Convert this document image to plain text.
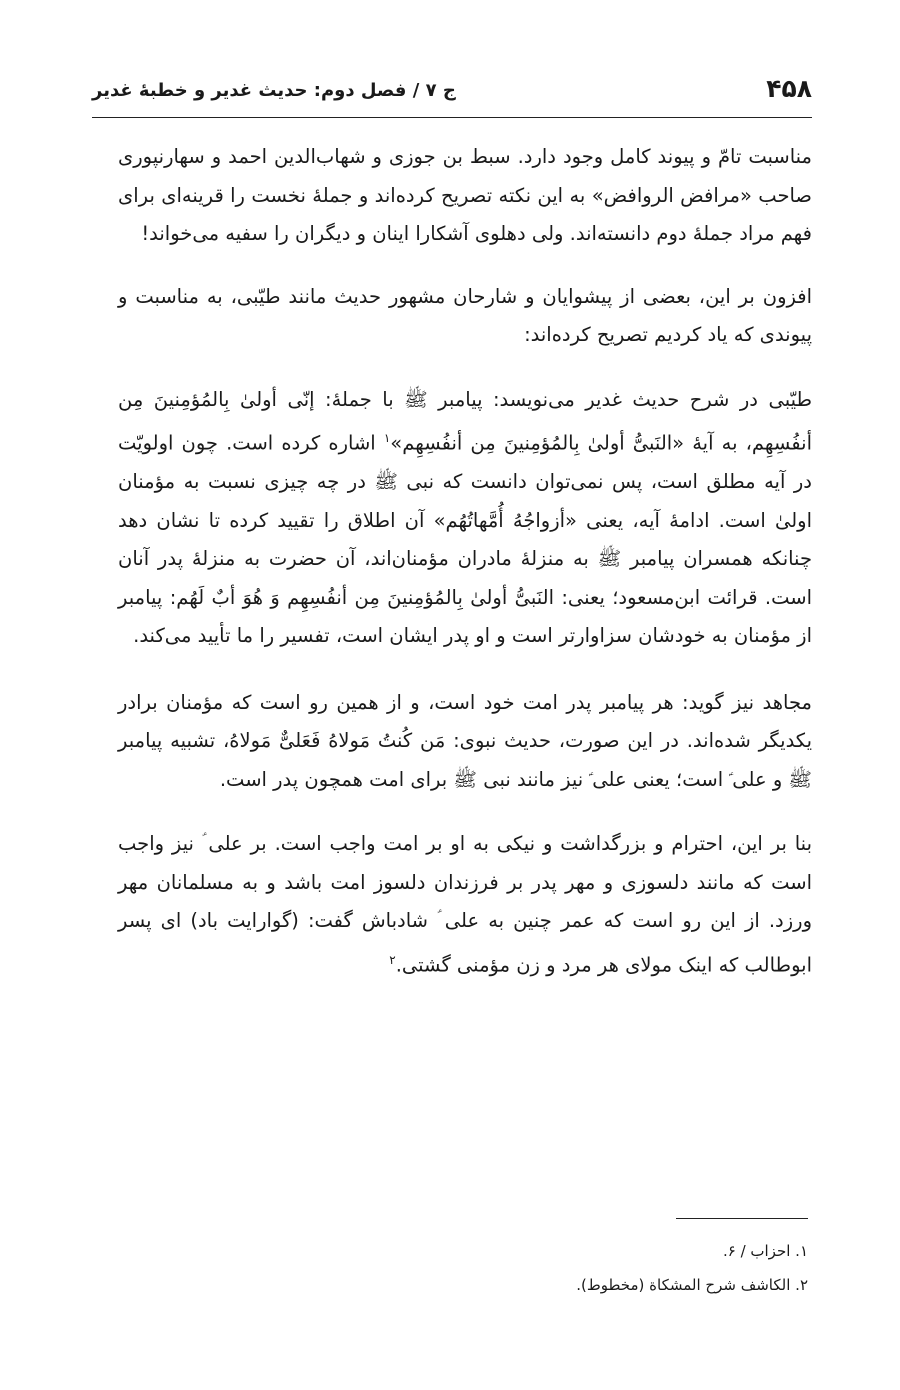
۴۵۸
ج ۷ / فصل دوم: حدیث غدیر و خطبهٔ غدیر

مناسبت تامّ و پیوند کامل وجود دارد. سبط بن جوزی و شهاب‌الدین احمد و سهارنپوری صاحب «مرافض الروافض» به این نکته تصریح کرده‌اند و جملهٔ نخست را قرینه‌ای برای فهم مراد جملهٔ دوم دانسته‌اند. ولی دهلوی آشکارا اینان و دیگران را سفیه می‌خواند!

افزون بر این، بعضی از پیشوایان و شارحان مشهور حدیث مانند طیّبی، به مناسبت و پیوندی که یاد کردیم تصریح کرده‌اند:

طیّبی در شرح حدیث غدیر می‌نویسد: پیامبر ﷺ با جملهٔ: إنّی أولیٰ بِالمُؤمِنینَ مِن أنفُسِهِم، به آیهٔ «النَبیُّ أولیٰ بِالمُؤمِنینَ مِن أنفُسِهِم»$^۱$ اشاره کرده است. چون اولویّت در آیه مطلق است، پس نمی‌توان دانست که نبی ﷺ در چه چیزی نسبت به مؤمنان اولیٰ است. ادامهٔ آیه، یعنی «أزواجُهُ أُمَّهاتُهُم» آن اطلاق را تقیید کرده تا نشان دهد چنانکه همسران پیامبر ﷺ به منزلهٔ مادران مؤمنان‌اند، آن حضرت به منزلهٔ پدر آنان است. قرائت ابن‌مسعود؛ یعنی: النَبیُّ أولیٰ بِالمُؤمِنینَ مِن أنفُسِهِم وَ هُوَ أبٌ لَهُم: پیامبر از مؤمنان به خودشان سزاوارتر است و او پدر ایشان است، تفسیر را ما تأیید می‌کند.

مجاهد نیز گوید: هر پیامبر پدر امت خود است، و از همین رو است که مؤمنان برادر یکدیگر شده‌اند. در این صورت، حدیث نبوی: مَن کُنتُ مَولاهُ فَعَلیٌّ مَولاهُ، تشبیه پیامبر ﷺ و علی ؑ است؛ یعنی علی ؑ نیز مانند نبی ﷺ برای امت همچون پدر است.

بنا بر این، احترام و بزرگداشت و نیکی به او بر امت واجب است. بر علی ؑ نیز واجب است که مانند دلسوزی و مهر پدر بر فرزندان دلسوز امت باشد و به مسلمانان مهر ورزد. از این رو است که عمر چنین به علی ؑ شادباش گفت: (گوارایت باد) ای پسر ابوطالب که اینک مولای هر مرد و زن مؤمنی گشتی.$^۲$

۱. احزاب / ۶.
۲. الکاشف شرح المشکاة (مخطوط).
